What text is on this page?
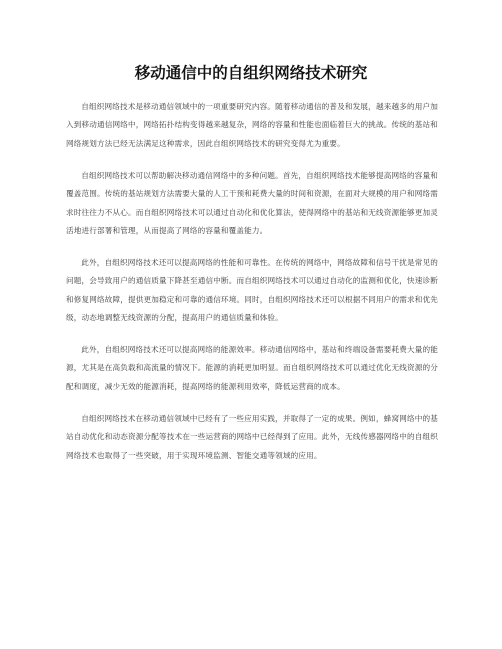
移动通信中的自组织网络技术研究

自组织网络技术是移动通信领域中的一项重要研究内容。随着移动通信的普及和发展，越来越多的用户加入到移动通信网络中，网络拓扑结构变得越来越复杂，网络的容量和性能也面临着巨大的挑战。传统的基站和网络规划方法已经无法满足这种需求，因此自组织网络技术的研究变得尤为重要。

自组织网络技术可以帮助解决移动通信网络中的多种问题。首先，自组织网络技术能够提高网络的容量和覆盖范围。传统的基站规划方法需要大量的人工干预和耗费大量的时间和资源，在面对大规模的用户和网络需求时往往力不从心。而自组织网络技术可以通过自动化和优化算法，使得网络中的基站和无线资源能够更加灵活地进行部署和管理，从而提高了网络的容量和覆盖能力。

此外，自组织网络技术还可以提高网络的性能和可靠性。在传统的网络中，网络故障和信号干扰是常见的问题，会导致用户的通信质量下降甚至通信中断。而自组织网络技术可以通过自动化的监测和优化，快速诊断和修复网络故障，提供更加稳定和可靠的通信环境。同时，自组织网络技术还可以根据不同用户的需求和优先级，动态地调整无线资源的分配，提高用户的通信质量和体验。

此外，自组织网络技术还可以提高网络的能源效率。移动通信网络中，基站和终端设备需要耗费大量的能源，尤其是在高负载和高流量的情况下。能源的消耗更加明显。而自组织网络技术可以通过优化无线资源的分配和调度，减少无效的能源消耗，提高网络的能源利用效率，降低运营商的成本。

自组织网络技术在移动通信领域中已经有了一些应用实践，并取得了一定的成果。例如，蜂窝网络中的基站自动优化和动态资源分配等技术在一些运营商的网络中已经得到了应用。此外，无线传感器网络中的自组织网络技术也取得了一些突破，用于实现环境监测、智能交通等领域的应用。
